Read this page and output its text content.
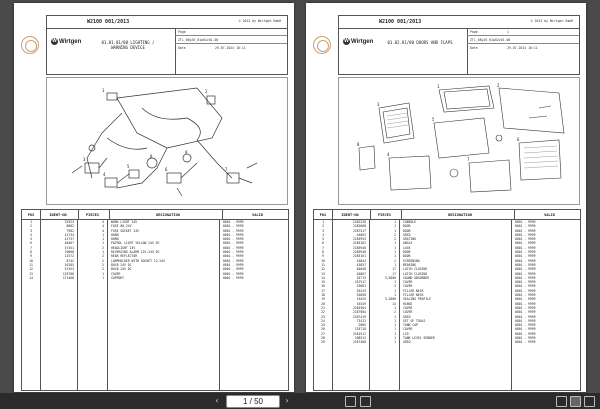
W2100 001/2013	© 2013 by Wirtgen GmbH
W Wirtgen	01.01.01/08 LIGHTING /
WARNING DEVICE
Page
ZTL_08y26_01p01z01-00
Date	29.07.2024 10:11
1	2
3
4
5
6	7
8
9
POS	IDENT-NO	PIECES	DESIGNATION	VALID
1	31924	4	WORK LIGHT 24V	0001 - 9999
2	8802	4	FUSE 60-24V	0001 - 9999
3	7982	4	FUSE SOCKET 24V	0001 - 9999
4	41734	1	HORN	0001 - 9999
5	41737	1	HORN	0001 - 9999
6	48407	1	PATROL LIGHT YELLOW 24V DC	0001 - 9999
7	47451	2	HEADLIGHT 24V	0001 - 9999
8	19808	1	REVERSING ALARM 12V-24V DC	0001 - 9999
9	12572	2	REAR REFLECTOR	0001 - 9999
10	8742	2	LAMPHOLDER WITH SOCKET 12-24V	0001 - 9999
11	10185	2	BULB 24V DC	0001 - 9999
12	47453	2	BULB 24V DC	0001 - 9999
13	133788	1	COVER	0001 - 9999
14	171468	1	SUPPORT	0001 - 9999
W2100 001/2013	© 2013 by Wirtgen GmbH
W Wirtgen	01.02.01/00 DOORS AND FLAPS
Page	1
ZTL_08y26_01p02z01-00
Date	29.07.2024 10:11
1	2
3
4
5
6
7
8
POS	IDENT-NO	PIECES	DESIGNATION	VALID
1	2182228	1	CONSOLE	0001 - 9999
2	2182868	1	DOOR	0001 - 9999
3	2187517	1	DOOR	0001 - 9999
4	54663	2	GRID	0001 - 9999
5	2185953	2	GRATING	0001 - 9999
6	2185162	1	ANGLE	0001 - 9999
7	2185948	1	LOCK	0001 - 9999
8	2185946	1	DOOR	0001 - 9999
9	2185161	1	DOOR	0001 - 9999
10	43844	2	SCREENING	0001 - 9999
11	43857	1	BEARING	0001 - 9999
12	84848	17	LATCH CLOSING	0001 - 9999
13	54867	17	LATCH CLOSING	0001 - 9999
14	16775	3,5000	SOUND ABSORBER	0001 - 9999
15	167517	1	COVER	0001 - 9999
16	53681	2	COVER	0001 - 9999
17	55243	1	FILLER NECK	0001 - 9999
18	55850	1	FILLER NECK	0001 - 9999
19	19425	3,2000	SEALING PROFILE	0001 - 9999
20	34549	14	HINGE	0001 - 9999
21	2185364	1	COVER	0001 - 9999
22	2187904	2	COVER	0001 - 9999
23	2187419	1	GRID	0001 - 9999
24	73412	1	SET OF TOOLS	0001 - 9999
25	2885	1	TANK CAP	0001 - 9999
26	135718	1	COVER	0001 - 9999
27	2181517	1	LID	0001 - 9999
28	108512	1	TANK LEVEL SENDER	0001 - 9999
29	2187468	1	GRID	0001 - 9999
‹	1 / 50	›
